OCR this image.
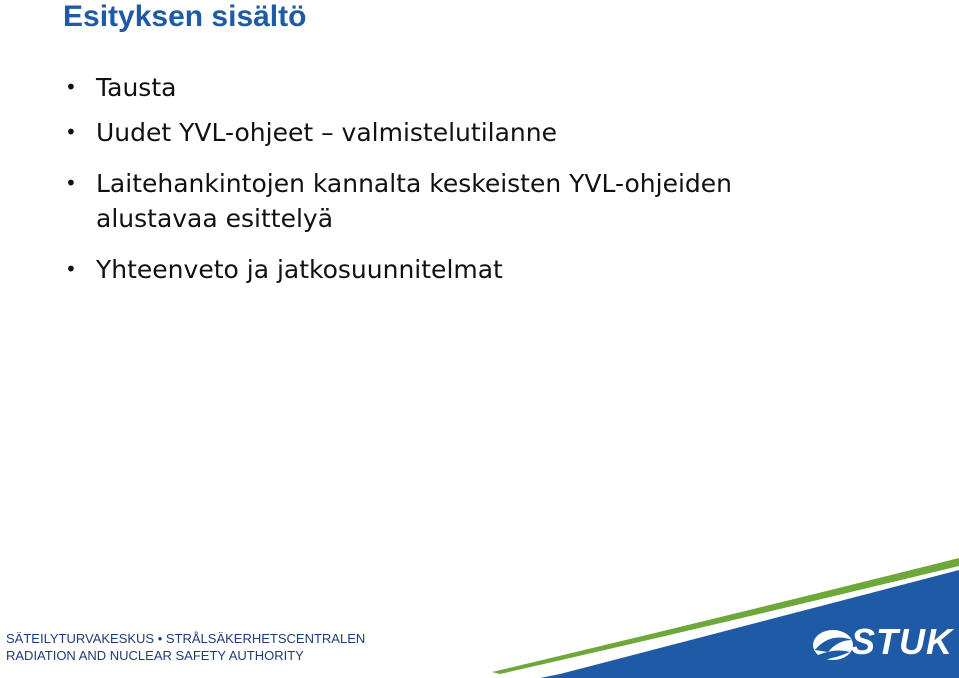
Esityksen sisältö
• Tausta
• Uudet YVL-ohjeet – valmistelutilanne
• Laitehankintojen kannalta keskeisten YVL-ohjeiden
alustavaa esittelyä
• Yhteenveto ja jatkosuunnitelmat
STUK

SÄTEILYTURVAKESKUS • STRÅLSÄKERHETSCENTRALEN

RADIATION AND NUCLEAR SAFETY AUTHORITY
